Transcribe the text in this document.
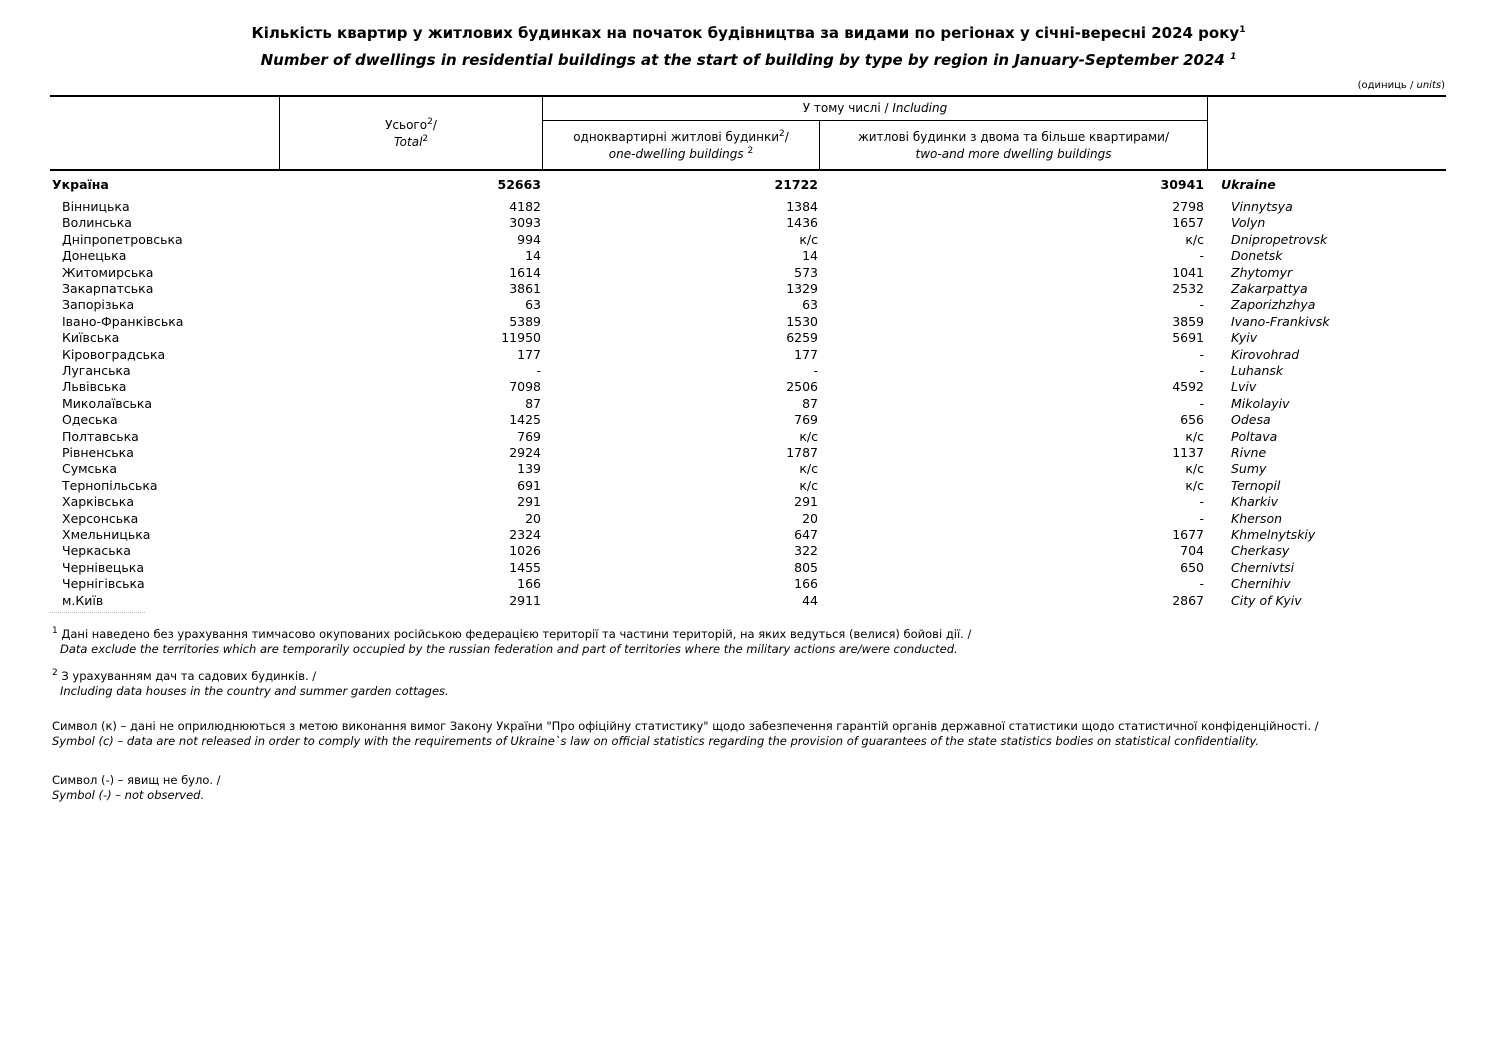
Кількість квартир у житлових будинках на початок будівництва за видами по регіонах у січні-вересні 2024 року$^1$
Number of dwellings in residential buildings at the start of building by type by region in January-September 2024 $^1$
(одиниць / units)
Усього$^2$/
Total$^2$
У тому числі / Including
одноквартирні житлові будинки$^2$/
one-dwelling buildings $^2$
житлові будинки з двома та більше квартирами/
two-and more dwelling buildings
Україна	52663	21722	30941 Ukraine
Вінницька	4182	1384	2798 Vinnytsya
Волинська	3093	1436	1657 Volyn
Дніпропетровська	994	к/с	к/с Dnipropetrovsk
Донецька	14	14	- Donetsk
Житомирська	1614	573	1041 Zhytomyr
Закарпатська	3861	1329	2532 Zakarpattya
Запорізька	63	63	- Zaporizhzhya
Івано-Франківська	5389	1530	3859 Ivano-Frankivsk
Київська	11950	6259	5691 Kyiv
Кіровоградська	177	177	- Kirovohrad
Луганська	-	-	- Luhansk
Львівська	7098	2506	4592 Lviv
Миколаївська	87	87	- Mikolayiv
Одеська	1425	769	656 Odesa
Полтавська	769	к/с	к/с Poltava
Рівненська	2924	1787	1137 Rivne
Сумська	139	к/с	к/с Sumy
Тернопільська	691	к/с	к/с Ternopil
Харківська	291	291	- Kharkiv
Херсонська	20	20	- Kherson
Хмельницька	2324	647	1677 Khmelnytskiy
Черкаська	1026	322	704 Cherkasy
Чернівецька	1455	805	650 Chernivtsi
Чернігівська	166	166	- Chernihiv
м.Київ	2911	44	2867 City of Kyiv
$^1$ Дані наведено без урахування тимчасово окупованих російською федерацією території та частини територій, на яких ведуться (велися) бойові дії. /
Data exclude the territories which are temporarily occupied by the russian federation and part of territories where the military actions are/were conducted.
$^2$ З урахуванням дач та садових будинків. /
Including data houses in the country and summer garden cottages.
Символ (к) – дані не оприлюднюються з метою виконання вимог Закону України "Про офіційну статистику" щодо забезпечення гарантій органів державної статистики щодо статистичної конфіденційності. /
Symbol (c) – data are not released in order to comply with the requirements of Ukraine`s law on official statistics regarding the provision of guarantees of the state statistics bodies on statistical confidentiality.
Символ (-) – явищ не було. /
Symbol (-) – not observed.
